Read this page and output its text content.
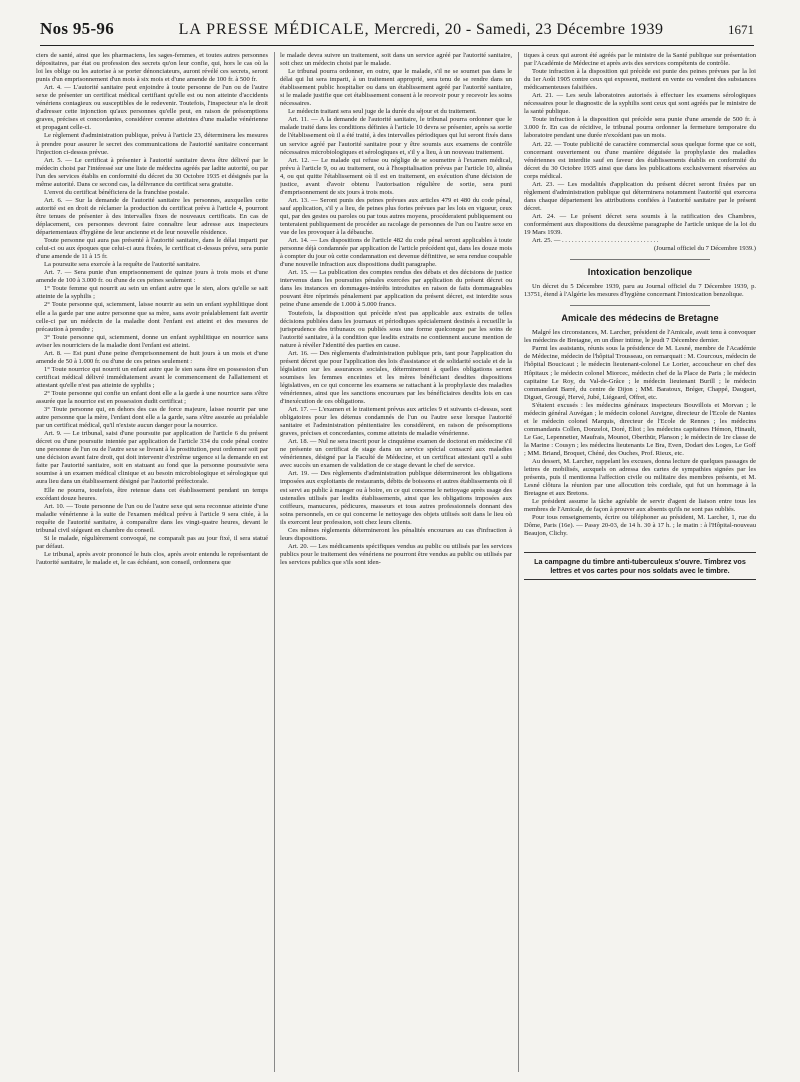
Nos 95-96	LA PRESSE MÉDICALE, Mercredi, 20 - Samedi, 23 Décembre 1939	1671

ciers de santé, ainsi que les pharmaciens, les sages-femmes, et toutes autres personnes dépositaires, par état ou profession des secrets qu'on leur confie, qui, hors le cas où la loi les oblige ou les autorise à se porter dénonciateurs, auront révélé ces secrets, seront punis d'un emprisonnement d'un mois à six mois et d'une amende de 100 fr. à 500 fr.

Art. 4. — L'autorité sanitaire peut enjoindre à toute personne de l'un ou de l'autre sexe de présenter un certificat médical certifiant qu'elle est ou non atteinte d'accidents vénériens contagieux ou susceptibles de le redevenir. Toutefois, l'inspecteur n'a le droit d'adresser cette injonction qu'aux personnes qu'elle peut, en raison de présomptions graves, précises et concordantes, considérer comme atteintes d'une maladie vénérienne et propagant celle-ci.

Le règlement d'administration publique, prévu à l'article 23, déterminera les mesures à prendre pour assurer le secret des communications de l'autorité sanitaire concernant l'injection ci-dessus prévue.

Art. 5. — Le certificat à présenter à l'autorité sanitaire devra être délivré par le médecin choisi par l'intéressé sur une liste de médecins agréés par ladite autorité, ou par l'un des services établis en conformité du décret du 30 Octobre 1935 et désignés par la même autorité. Dans ce second cas, la délivrance du certificat sera gratuite.

L'envoi du certificat bénéficiera de la franchise postale.

Art. 6. — Sur la demande de l'autorité sanitaire les personnes, auxquelles cette autorité est en droit de réclamer la production du certificat prévu à l'article 4, pourront être tenues de présenter à des intervalles fixes de nouveaux certificats. En cas de déplacement, ces personnes devront faire connaître leur adresse aux inspecteurs départementaux d'hygiène de leur ancienne et de leur nouvelle résidence.

Toute personne qui aura pas présenté à l'autorité sanitaire, dans le délai imparti par celui-ci ou aux époques que celui-ci aura fixées, le certificat ci-dessus prévu, sera punie d'une amende de 11 à 15 fr.

La poursuite sera exercée à la requête de l'autorité sanitaire.

Art. 7. — Sera punie d'un emprisonnement de quinze jours à trois mois et d'une amende de 100 à 3.000 fr. ou d'une de ces peines seulement :

1° Toute femme qui nourrit au sein un enfant autre que le sien, alors qu'elle se sait atteinte de la syphilis ;

2° Toute personne qui, sciemment, laisse nourrir au sein un enfant syphilitique dont elle a la garde par une autre personne que sa mère, sans avoir préalablement fait avertir celle-ci par un médecin de la maladie dont l'enfant est atteint et des mesures de précaution à prendre ;

3° Toute personne qui, sciemment, donne un enfant syphilitique en nourrice sans aviser les nourriciers de la maladie dont l'enfant est atteint.

Art. 8. — Est puni d'une peine d'emprisonnement de huit jours à un mois et d'une amende de 50 à 1.000 fr. ou d'une de ces peines seulement :

1° Toute nourrice qui nourrit un enfant autre que le sien sans être en possession d'un certificat médical délivré immédiatement avant le commencement de l'allaitement et attestant qu'elle n'est pas atteinte de syphilis ;

2° Toute personne qui confie un enfant dont elle a la garde à une nourrice sans s'être assurée que la nourrice est en possession dudit certificat ;

3° Toute personne qui, en dehors des cas de force majeure, laisse nourrir par une autre personne que la mère, l'enfant dont elle a la garde, sans s'être assurée au préalable par un certificat médical, qu'il n'existe aucun danger pour la nourrice.

Art. 9. — Le tribunal, saisi d'une poursuite par application de l'article 6 du présent décret ou d'une poursuite intentée par application de l'article 334 du code pénal contre une personne de l'un ou de l'autre sexe se livrant à la prostitution, peut ordonner soit par une décision avant faire droit, qui doit intervenir d'extrême urgence si la demande en est faite par l'autorité sanitaire, soit en statuant au fond que la personne poursuivie sera soumise à un examen médical clinique et au besoin microbiologique et sérologique qui aura lieu dans un établissement désigné par l'autorité préfectorale.

Elle ne pourra, toutefois, être retenue dans cet établissement pendant un temps excédant douze heures.

Art. 10. — Toute personne de l'un ou de l'autre sexe qui sera reconnue atteinte d'une maladie vénérienne à la suite de l'examen médical prévu à l'article 9 sera citée, à la requête de l'autorité sanitaire, à comparaître dans les vingt-quatre heures, devant le tribunal civil siégeant en chambre du conseil.

Si le malade, régulièrement convoqué, ne comparaît pas au jour fixé, il sera statué par défaut.

Le tribunal, après avoir prononcé le huis clos, après avoir entendu le représentant de l'autorité sanitaire, le malade et, le cas échéant, son conseil, ordonnera que

le malade devra suivre un traitement, soit dans un service agréé par l'autorité sanitaire, soit chez un médecin choisi par le malade.

Le tribunal pourra ordonner, en outre, que le malade, s'il ne se soumet pas dans le délai qui lui sera imparti, à un traitement approprié, sera tenu de se rendre dans un établissement public hospitalier ou dans un établissement agréé par l'autorité sanitaire, si le malade justifie que cet établissement consent à le recevoir pour y recevoir les soins nécessaires.

Le médecin traitant sera seul juge de la durée du séjour et du traitement.

Art. 11. — A la demande de l'autorité sanitaire, le tribunal pourra ordonner que le malade traité dans les conditions définies à l'article 10 devra se présenter, après sa sortie de l'établissement où il a été traité, à des intervalles périodiques qui lui seront fixés dans un service agréé par l'autorité sanitaire pour y être soumis aux examens de contrôle nécessaires microbiologiques et sérologiques et, s'il y a lieu, à un nouveau traitement.

Art. 12. — Le malade qui refuse ou néglige de se soumettre à l'examen médical, prévu à l'article 9, ou au traitement, ou à l'hospitalisation prévus par l'article 10, alinéa 4, ou qui quitte l'établissement où il est en traitement, en exécution d'une décision de justice, avant d'avoir obtenu l'autorisation régulière de sortie, sera puni d'emprisonnement de six jours à trois mois.

Art. 13. — Seront punis des peines prévues aux articles 479 et 480 du code pénal, sauf application, s'il y a lieu, de peines plus fortes prévues par les lois en vigueur, ceux qui, par des gestes ou paroles ou par tous autres moyens, procéderaient publiquement ou tenteraient publiquement de procéder au racolage de personnes de l'un ou l'autre sexe en vue de les provoquer à la débauche.

Art. 14. — Les dispositions de l'article 482 du code pénal seront applicables à toute personne déjà condamnée par application de l'article précédent qui, dans les douze mois à compter du jour où cette condamnation est devenue définitive, se sera rendue coupable d'une nouvelle infraction aux dispositions dudit paragraphe.

Art. 15. — La publication des comptes rendus des débats et des décisions de justice intervenus dans les poursuites pénales exercées par application du présent décret ou dans les instances en dommages-intérêts introduites en raison de faits dommageables pouvant être réprimés pénalement par application du présent décret, est interdite sous peine d'une amende de 1.000 à 5.000 francs.

Toutefois, la disposition qui précède n'est pas applicable aux extraits de telles décisions publiées dans les journaux et périodiques spécialement destinés à recueillir la jurisprudence des tribunaux ou publiés sous une forme quelconque par les soins de l'autorité sanitaire, à la condition que lesdits extraits ne contiennent aucune mention de nature à révéler l'identité des parties en cause.

Art. 16. — Des règlements d'administration publique pris, tant pour l'application du présent décret que pour l'application des lois d'assistance et de solidarité sociale et de la législation sur les assurances sociales, détermineront à quelles obligations seront soumises les femmes enceintes et les mères bénéficiant desdites dispositions législatives, en ce qui concerne les examens se rattachant à la prophylaxie des maladies vénériennes, ainsi que les sanctions encourues par les bénéficiaires desdits lois en cas d'inexécution de ces obligations.

Art. 17. — L'examen et le traitement prévus aux articles 9 et suivants ci-dessus, sont obligatoires pour les détenus condamnés de l'un ou l'autre sexe lorsque l'autorité sanitaire et l'administration pénitentiaire les considèrent, en raison de présomptions graves, précises et concordantes, comme atteints de maladie vénérienne.

Art. 18. — Nul ne sera inscrit pour le cinquième examen de doctorat en médecine s'il ne présente un certificat de stage dans un service spécial consacré aux maladies vénériennes, désigné par la Faculté de Médecine, et un certificat attestant qu'il a subi avec succès un examen de validation de ce stage devant le chef de service.

Art. 19. — Des règlements d'administration publique détermineront les obligations imposées aux exploitants de restaurants, débits de boissons et autres établissements où il est servi au public à manger ou à boire, en ce qui concerne le nettoyage après usage des ustensiles utilisés par lesdits établissements, ainsi que les obligations imposées aux coiffeurs, manucures, pédicures, masseurs et tous autres professionnels donnant des soins personnels, en ce qui concerne le nettoyage des objets utilisés soit dans le lieu où ils exercent leur profession, soit chez leurs clients.

Ces mêmes règlements détermineront les pénalités encourues au cas d'infraction à leurs dispositions.

Art. 20. — Les médicaments spécifiques vendus au public ou utilisés par les services publics pour le traitement des vénériens ne pourront être vendus au public ou utilisés par les services publics que s'ils sont iden-

tiques à ceux qui auront été agréés par le ministre de la Santé publique sur présentation par l'Académie de Médecine et après avis des services compétents de contrôle.

Toute infraction à la disposition qui précède est punie des peines prévues par la loi du 1er Août 1905 contre ceux qui exposent, mettent en vente ou vendent des substances médicamenteuses falsifiées.

Art. 21. — Les seuls laboratoires autorisés à effectuer les examens sérologiques nécessaires pour le diagnostic de la syphilis sont ceux qui sont agréés par le ministre de la santé publique.

Toute infraction à la disposition qui précède sera punie d'une amende de 500 fr. à 3.000 fr. En cas de récidive, le tribunal pourra ordonner la fermeture temporaire du laboratoire pendant une durée n'excédant pas un mois.

Art. 22. — Toute publicité de caractère commercial sous quelque forme que ce soit, concernant ouvertement ou d'une manière déguisée la prophylaxie des maladies vénériennes est interdite sauf en faveur des établissements établis en conformité du décret du 30 Octobre 1935 ainsi que dans les publications exclusivement réservées au corps médical.

Art. 23. — Les modalités d'application du présent décret seront fixées par un règlement d'administration publique qui déterminera notamment l'autorité qui exercera dans chaque département les attributions confiées à l'autorité sanitaire par le présent décret.

Art. 24. — Le présent décret sera soumis à la ratification des Chambres, conformément aux dispositions du deuxième paragraphe de l'article unique de la loi du 19 Mars 1939.

Art. 25. — . . . . . . . . . . . . . . . . . . . . . . . . . . . . . .

(Journal officiel du 7 Décembre 1939.)

Intoxication benzolique

Un décret du 5 Décembre 1939, paru au Journal officiel du 7 Décembre 1939, p. 13751, étend à l'Algérie les mesures d'hygiène concernant l'intoxication benzolique.

Amicale des médecins de Bretagne

Malgré les circonstances, M. Larcher, président de l'Amicale, avait tenu à convoquer les médecins de Bretagne, en un dîner intime, le jeudi 7 Décembre dernier.

Parmi les assistants, réunis sous la présidence de M. Lesné, membre de l'Académie de Médecine, médecin de l'hôpital Trousseau, on remarquait : M. Courcoux, médecin de l'hôpital Boucicaut ; le médecin lieutenant-colonel Le Lorier, accoucheur en chef des Hôpitaux ; le médecin colonel Miorcec, médecin chef de la Place de Paris ; le médecin capitaine Le Roy, du Val-de-Grâce ; le médecin lieutenant Burill ; le médecin commandant Barré, du centre de Dijon ; MM. Baratoux, Bréger, Chappé, Dauguet, Diguet, Grougé, Hervé, Jubé, Liégeard, Offret, etc.

S'étaient excusés : les médecins généraux inspecteurs Bouvillois et Morvan ; le médecin général Auvégan ; le médecin colonel Auvigne, directeur de l'Ecole de Nantes et le médecin colonel Marquis, directeur de l'Ecole de Rennes ; les médecins commandants Collen, Donzelot, Doré, Eliot ; les médecins capitaines Hémon, Hinault, Le Gac, Lepennetier, Maufrais, Mounot, Oberthür, Planson ; le médecin de 1re classe de la Marine : Cousyn ; les médecins lieutenants Le Bra, Even, Dodart des Loges, Le Goff ; MM. Briand, Broquet, Chéné, des Ouches, Prof. Rieux, etc.

Au dessert, M. Larcher, rappelant les excuses, donna lecture de quelques passages de lettres de mobilisés, auxquels on adressa des cartes de sympathies signées par les présents, puis il mentionna l'affection civile ou militaire des membres présents, et M. Lesné clôtura la réunion par une allocution très cordiale, qui fut un hommage à la Bretagne et aux Bretons.

Le président assume la tâche agréable de servir d'agent de liaison entre tous les membres de l'Amicale, de façon à prouver aux absents qu'ils ne sont pas oubliés.

Pour tous renseignements, écrire ou téléphoner au président, M. Larcher, 1, rue du Dôme, Paris (16e). — Passy 20-03, de 14 h. 30 à 17 h. ; le matin : à l'Hôpital-nouveau Beaujon, Clichy.

La campagne du timbre anti-tuberculeux s'ouvre. Timbrez vos lettres et vos cartes pour nos soldats avec le timbre.
